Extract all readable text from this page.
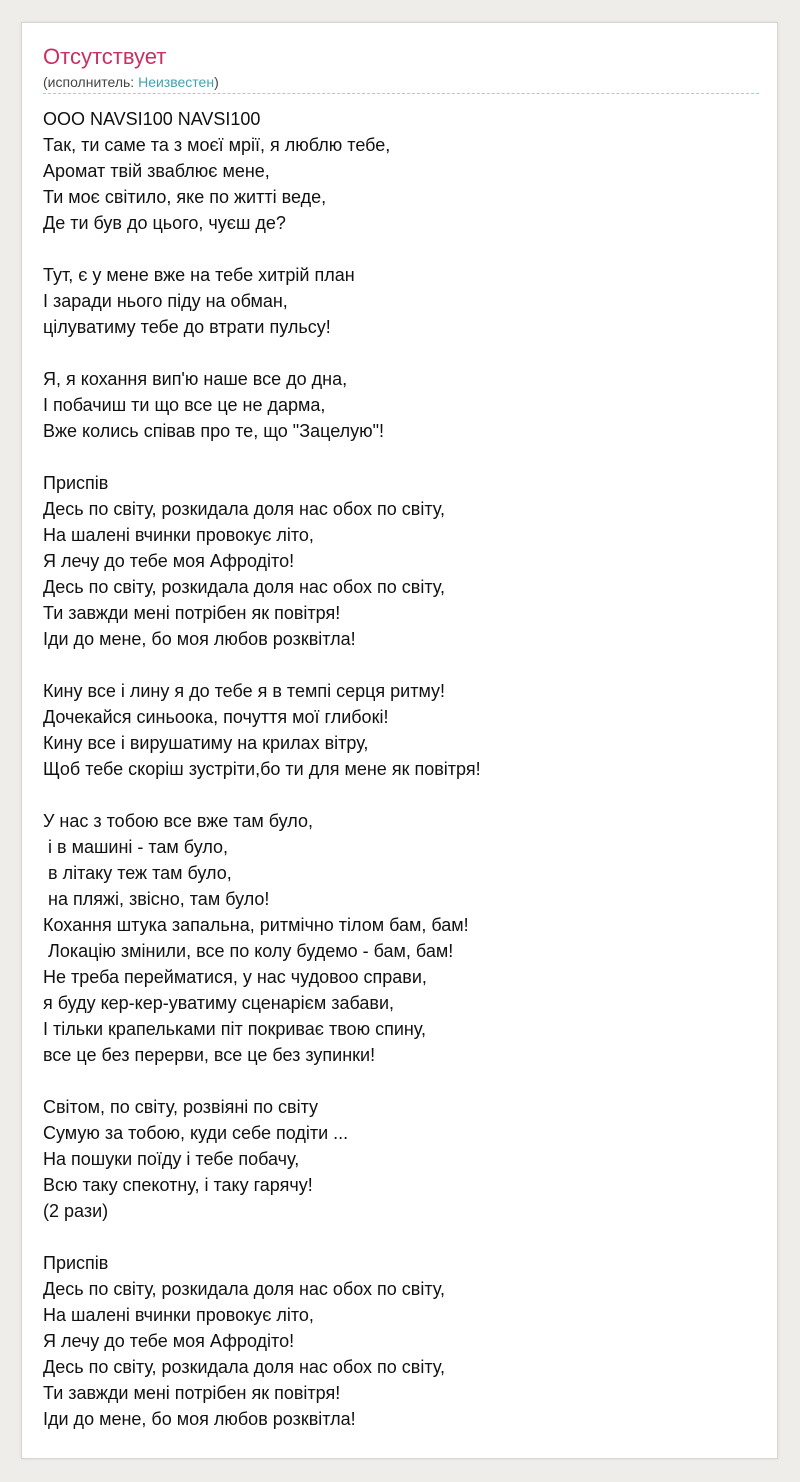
Отсутствует
(исполнитель: Неизвестен)
OOO NAVSI100 NAVSI100
Так, ти саме та з моєї мрії, я люблю тебе,
Аромат твій зваблює мене,
Ти моє світило, яке по житті веде,
Де ти був до цього, чуєш де?
Тут, є у мене вже на тебе хитрій план
І заради нього піду на обман,
цілуватиму тебе до втрати пульсу!
Я, я кохання вип'ю наше все до дна,
І побачиш ти що все це не дарма,
Вже колись співав про те, що "Зацелую"!
Приспів
Десь по світу, розкидала доля нас обох по світу,
На шалені вчинки провокує літо,
Я лечу до тебе моя Афродіто!
Десь по світу, розкидала доля нас обох по світу,
Ти завжди мені потрібен як повітря!
Іди до мене, бо моя любов розквітла!
Кину все і лину я до тебе я в темпі серця ритму!
Дочекайся синьоока, почуття мої глибокі!
Кину все і вирушатиму на крилах вітру,
Щоб тебе скоріш зустріти,бо ти для мене як повітря!
У нас з тобою все вже там було,
і в машині - там було,
в літаку теж там було,
на пляжі, звісно, там було!
Кохання штука запальна, ритмічно тілом бам, бам!
Локацію змінили, все по колу будемо - бам, бам!
Не треба перейматися, у нас чудовоо справи,
я буду кер-кер-уватиму сценарієм забави,
І тільки крапельками піт покриває твою спину,
все це без перерви, все це без зупинки!
Світом, по світу, розвіяні по світу
Сумую за тобою, куди себе подіти ...
На пошуки поїду і тебе побачу,
Всю таку спекотну, і таку гарячу!
(2 рази)
Приспів
Десь по світу, розкидала доля нас обох по світу,
На шалені вчинки провокує літо,
Я лечу до тебе моя Афродіто!
Десь по світу, розкидала доля нас обох по світу,
Ти завжди мені потрібен як повітря!
Іди до мене, бо моя любов розквітла!
